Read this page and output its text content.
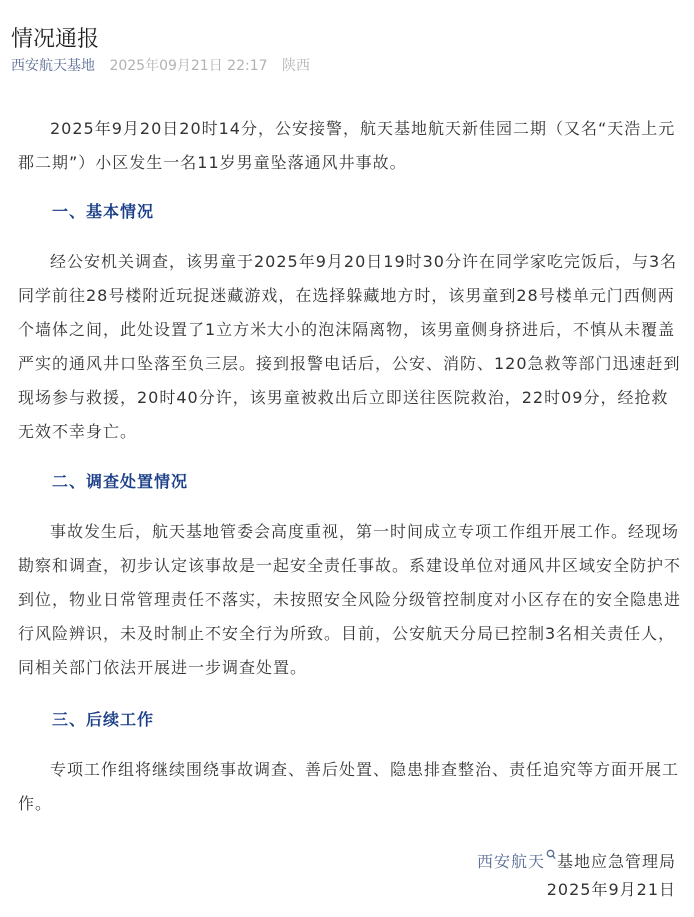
情况通报
西安航天基地 2025年09月21日 22:17 陕西

2025年9月20日20时14分，公安接警，航天基地航天新佳园二期（又名“天浩上元郡二期”）小区发生一名11岁男童坠落通风井事故。

一、基本情况

经公安机关调查，该男童于2025年9月20日19时30分许在同学家吃完饭后，与3名同学前往28号楼附近玩捉迷藏游戏，在选择躲藏地方时，该男童到28号楼单元门西侧两个墙体之间，此处设置了1立方米大小的泡沫隔离物，该男童侧身挤进后，不慎从未覆盖严实的通风井口坠落至负三层。接到报警电话后，公安、消防、120急救等部门迅速赶到现场参与救援，20时40分许，该男童被救出后立即送往医院救治，22时09分，经抢救无效不幸身亡。

二、调查处置情况

事故发生后，航天基地管委会高度重视，第一时间成立专项工作组开展工作。经现场勘察和调查，初步认定该事故是一起安全责任事故。系建设单位对通风井区域安全防护不到位，物业日常管理责任不落实，未按照安全风险分级管控制度对小区存在的安全隐患进行风险辨识，未及时制止不安全行为所致。目前，公安航天分局已控制3名相关责任人，同相关部门依法开展进一步调查处置。

三、后续工作

专项工作组将继续围绕事故调查、善后处置、隐患排查整治、责任追究等方面开展工作。

西安航天 基地应急管理局
2025年9月21日
